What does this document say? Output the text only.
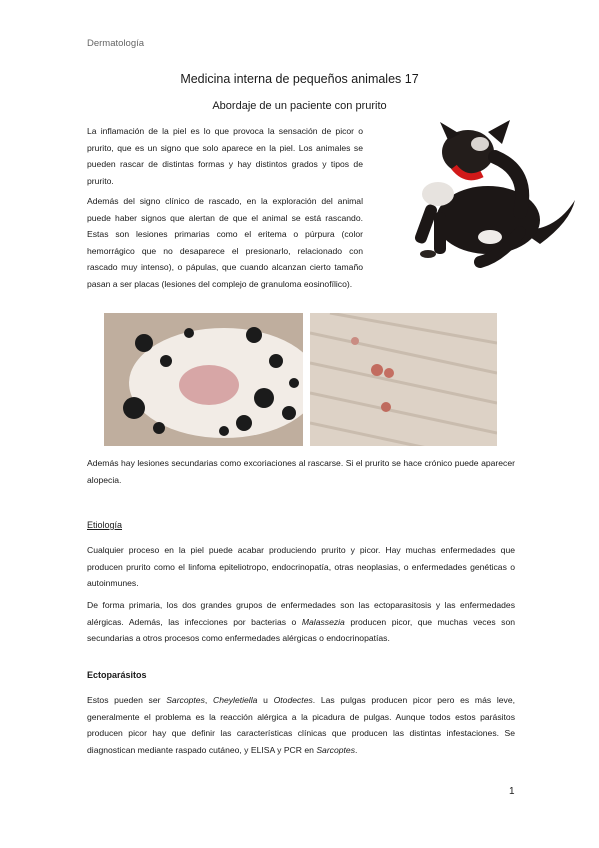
Dermatología
Medicina interna de pequeños animales 17
Abordaje de un paciente con prurito

La inflamación de la piel es lo que provoca la sensación de picor o prurito, que es un signo que solo aparece en la piel. Los animales se pueden rascar de distintas formas y hay distintos grados y tipos de prurito.

Además del signo clínico de rascado, en la exploración del animal puede haber signos que alertan de que el animal se está rascando. Estas son lesiones primarias como el eritema o púrpura (color hemorrágico que no desaparece el presionarlo, relacionado con rascado muy intenso), o pápulas, que cuando alcanzan cierto tamaño pasan a ser placas (lesiones del complejo de granuloma eosinofílico).

Además hay lesiones secundarias como excoriaciones al rascarse. Si el prurito se hace crónico puede aparecer alopecia.

Etiología

Cualquier proceso en la piel puede acabar produciendo prurito y picor. Hay muchas enfermedades que producen prurito como el linfoma epiteliotropo, endocrinopatía, otras neoplasias, o enfermedades genéticas o autoinmunes.

De forma primaria, los dos grandes grupos de enfermedades son las ectoparasitosis y las enfermedades alérgicas. Además, las infecciones por bacterias o Malassezia producen picor, que muchas veces son secundarias a otros procesos como enfermedades alérgicas o endocrinopatías.

Ectoparásitos

Estos pueden ser Sarcoptes, Cheyletiella u Otodectes. Las pulgas producen picor pero es más leve, generalmente el problema es la reacción alérgica a la picadura de pulgas. Aunque todos estos parásitos producen picor hay que definir las características clínicas que producen las distintas infestaciones. Se diagnostican mediante raspado cutáneo, y ELISA y PCR en Sarcoptes.

1
